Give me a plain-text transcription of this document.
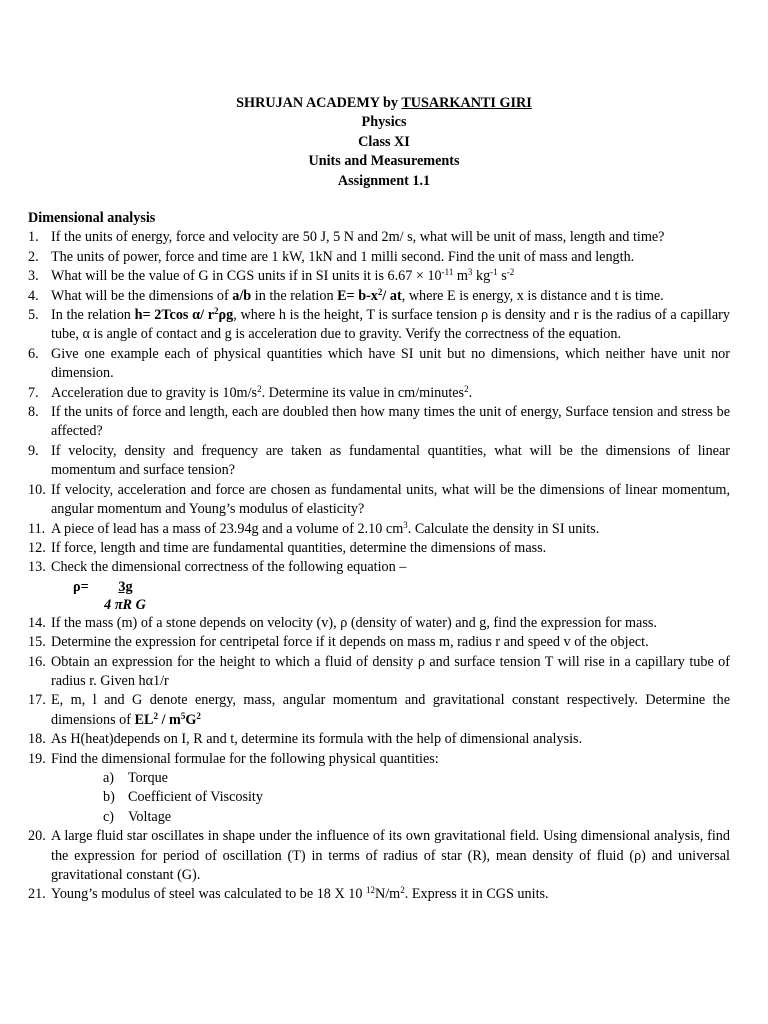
SHRUJAN ACADEMY by TUSARKANTI GIRI
Physics
Class XI
Units and Measurements
Assignment 1.1
Dimensional analysis
1. If the units of energy, force and velocity are 50 J, 5 N and 2m/ s, what will be unit of mass, length and time?
2. The units of power, force and time are 1 kW, 1kN and 1 milli second. Find the unit of mass and length.
3. What will be the value of G in CGS units if in SI units it is $6.67 \times 10^{-11}$ $m^3$ $kg^{-1}$ $s^{-2}$
4. What will be the dimensions of a/b in the relation $E= b-x^2/$ at, where E is energy, x is distance and t is time.
5. In the relation h= 2Tcos α/ $r^2\rho g$, where h is the height, T is surface tension ρ is density and r is the radius of a capillary tube, α is angle of contact and g is acceleration due to gravity. Verify the correctness of the equation.
6. Give one example each of physical quantities which have SI unit but no dimensions, which neither have unit nor dimension.
7. Acceleration due to gravity is $10m/s^2$. Determine its value in cm/minutes$^2$.
8. If the units of force and length, each are doubled then how many times the unit of energy, Surface tension and stress be affected?
9. If velocity, density and frequency are taken as fundamental quantities, what will be the dimensions of linear momentum and surface tension?
10. If velocity, acceleration and force are chosen as fundamental units, what will be the dimensions of linear momentum, angular momentum and Young’s modulus of elasticity?
11. A piece of lead has a mass of 23.94g and a volume of 2.10 $cm^3$. Calculate the density in SI units.
12. If force, length and time are fundamental quantities, determine the dimensions of mass.
13. Check the dimensional correctness of the following equation –
ρ=	3g
4 πR G
14. If the mass (m) of a stone depends on velocity (v), ρ (density of water) and g, find the expression for mass.
15. Determine the expression for centripetal force if it depends on mass m, radius r and speed v of the object.
16. Obtain an expression for the height to which a fluid of density ρ and surface tension T will rise in a capillary tube of radius r. Given hα1/r
17. E, m, l and G denote energy, mass, angular momentum and gravitational constant respectively. Determine the dimensions of $EL^2 / m^5G^2$
18. As H(heat)depends on I, R and t, determine its formula with the help of dimensional analysis.
19. Find the dimensional formulae for the following physical quantities:
a) Torque
b) Coefficient of Viscosity
c) Voltage
20. A large fluid star oscillates in shape under the influence of its own gravitational field. Using dimensional analysis, find the expression for period of oscillation (T) in terms of radius of star (R), mean density of fluid (ρ) and universal gravitational constant (G).
21. Young’s modulus of steel was calculated to be 18 X 10 $^{12}N/m^2$. Express it in CGS units.
